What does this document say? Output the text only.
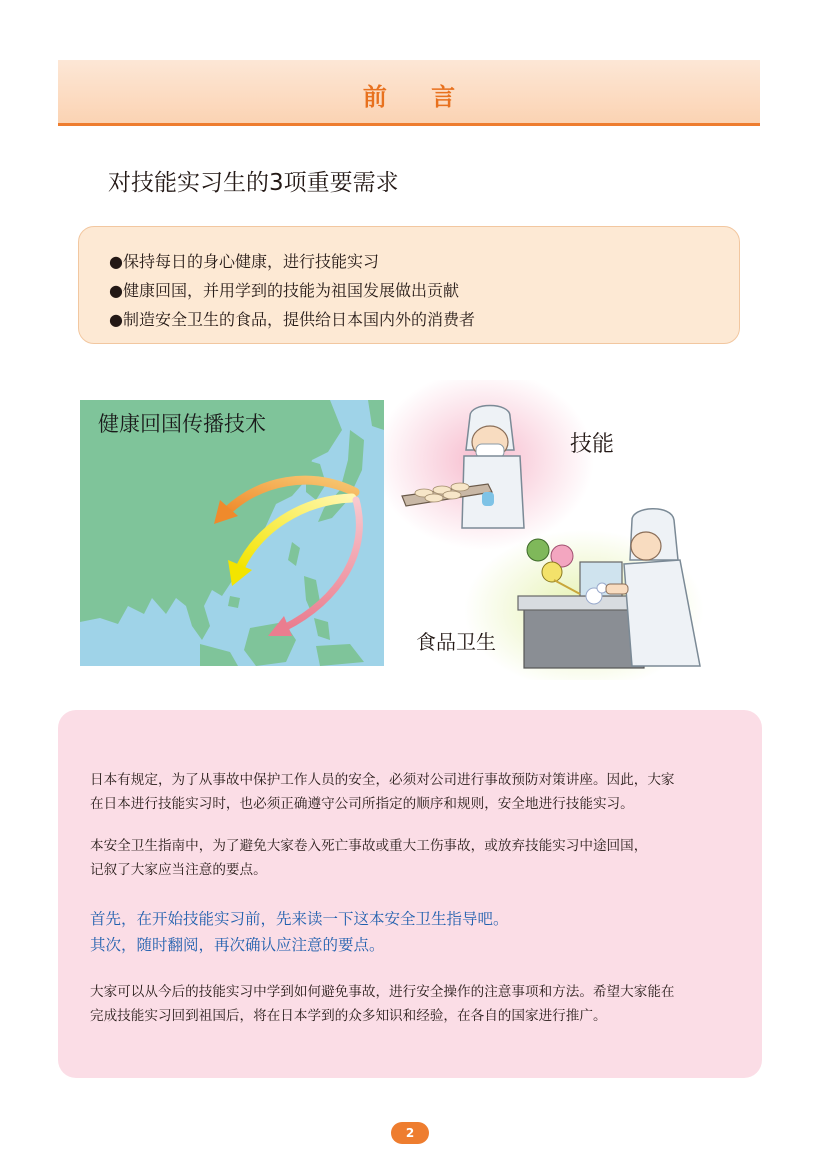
前 言
对技能实习生的3项重要需求
●保持每日的身心健康，进行技能实习
●健康回国，并用学到的技能为祖国发展做出贡献
●制造安全卫生的食品，提供给日本国内外的消费者
健康回国传播技术
技能
食品卫生

日本有规定，为了从事故中保护工作人员的安全，必须对公司进行事故预防对策讲座。因此，大家
在日本进行技能实习时，也必须正确遵守公司所指定的顺序和规则，安全地进行技能实习。

本安全卫生指南中，为了避免大家卷入死亡事故或重大工伤事故，或放弃技能实习中途回国，
记叙了大家应当注意的要点。

首先，在开始技能实习前，先来读一下这本安全卫生指导吧。
其次，随时翻阅，再次确认应注意的要点。

大家可以从今后的技能实习中学到如何避免事故，进行安全操作的注意事项和方法。希望大家能在
完成技能实习回到祖国后，将在日本学到的众多知识和经验，在各自的国家进行推广。

2
